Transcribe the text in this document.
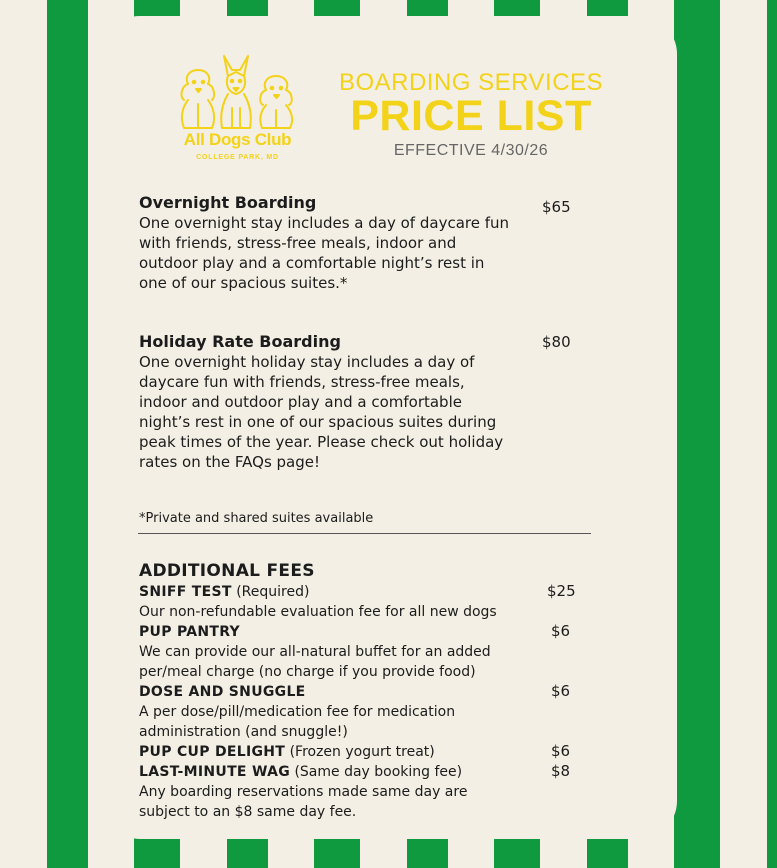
All Dogs Club
COLLEGE PARK, MD
BOARDING SERVICES
PRICE LIST
EFFECTIVE 4/30/26
Overnight Boarding	$65
One overnight stay includes a day of daycare fun with friends, stress-free meals, indoor and outdoor play and a comfortable night’s rest in one of our spacious suites.*
Holiday Rate Boarding	$80
One overnight holiday stay includes a day of daycare fun with friends, stress-free meals, indoor and outdoor play and a comfortable night’s rest in one of our spacious suites during peak times of the year. Please check out holiday rates on the FAQs page!
*Private and shared suites available
ADDITIONAL FEES
SNIFF TEST (Required)	$25
Our non-refundable evaluation fee for all new dogs
PUP PANTRY	$6
We can provide our all-natural buffet for an added per/meal charge (no charge if you provide food)
DOSE AND SNUGGLE	$6
A per dose/pill/medication fee for medication administration (and snuggle!)
PUP CUP DELIGHT (Frozen yogurt treat)	$6
LAST-MINUTE WAG (Same day booking fee)	$8
Any boarding reservations made same day are subject to an $8 same day fee.
